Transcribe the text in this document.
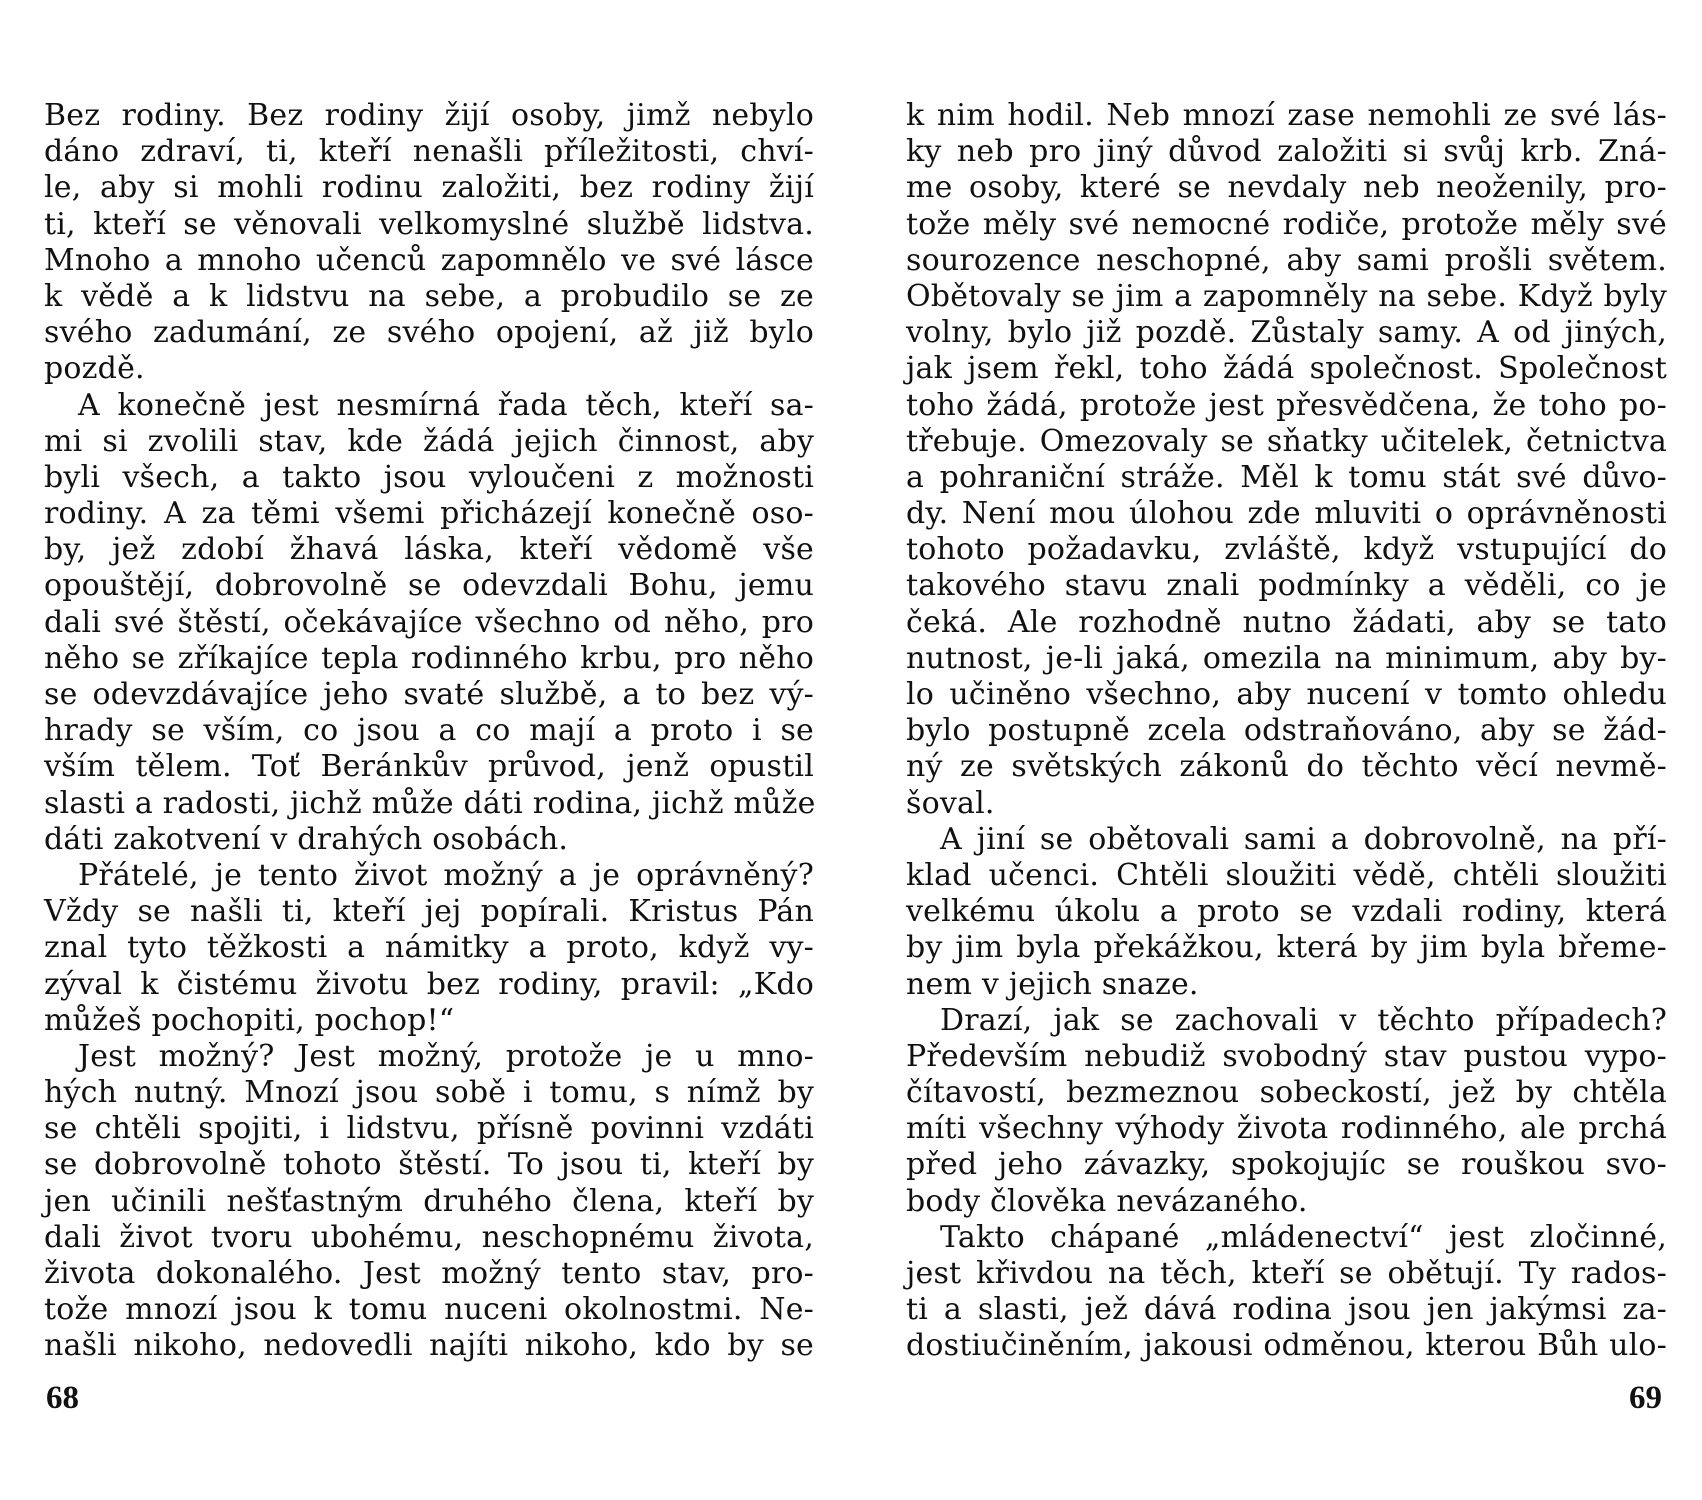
Bez rodiny. Bez rodiny žijí osoby, jimž nebylo
dáno zdraví, ti, kteří nenašli příležitosti, chví-
le, aby si mohli rodinu založiti, bez rodiny žijí
ti, kteří se věnovali velkomyslné službě lidstva.
Mnoho a mnoho učenců zapomnělo ve své lásce
k vědě a k lidstvu na sebe, a probudilo se ze
svého zadumání, ze svého opojení, až již bylo
pozdě.
A konečně jest nesmírná řada těch, kteří sa-
mi si zvolili stav, kde žádá jejich činnost, aby
byli všech, a takto jsou vyloučeni z možnosti
rodiny. A za těmi všemi přicházejí konečně oso-
by, jež zdobí žhavá láska, kteří vědomě vše
opouštějí, dobrovolně se odevzdali Bohu, jemu
dali své štěstí, očekávajíce všechno od něho, pro
něho se zříkajíce tepla rodinného krbu, pro něho
se odevzdávajíce jeho svaté službě, a to bez vý-
hrady se vším, co jsou a co mají a proto i se
vším tělem. Toť Beránkův průvod, jenž opustil
slasti a radosti, jichž může dáti rodina, jichž může
dáti zakotvení v drahých osobách.
Přátelé, je tento život možný a je oprávněný?
Vždy se našli ti, kteří jej popírali. Kristus Pán
znal tyto těžkosti a námitky a proto, když vy-
zýval k čistému životu bez rodiny, pravil: „Kdo
můžeš pochopiti, pochop!“
Jest možný? Jest možný, protože je u mno-
hých nutný. Mnozí jsou sobě i tomu, s nímž by
se chtěli spojiti, i lidstvu, přísně povinni vzdáti
se dobrovolně tohoto štěstí. To jsou ti, kteří by
jen učinili nešťastným druhého člena, kteří by
dali život tvoru ubohému, neschopnému života,
života dokonalého. Jest možný tento stav, pro-
tože mnozí jsou k tomu nuceni okolnostmi. Ne-
našli nikoho, nedovedli najíti nikoho, kdo by se
k nim hodil. Neb mnozí zase nemohli ze své lás-
ky neb pro jiný důvod založiti si svůj krb. Zná-
me osoby, které se nevdaly neb neoženily, pro-
tože měly své nemocné rodiče, protože měly své
sourozence neschopné, aby sami prošli světem.
Obětovaly se jim a zapomněly na sebe. Když byly
volny, bylo již pozdě. Zůstaly samy. A od jiných,
jak jsem řekl, toho žádá společnost. Společnost
toho žádá, protože jest přesvědčena, že toho po-
třebuje. Omezovaly se sňatky učitelek, četnictva
a pohraniční stráže. Měl k tomu stát své důvo-
dy. Není mou úlohou zde mluviti o oprávněnosti
tohoto požadavku, zvláště, když vstupující do
takového stavu znali podmínky a věděli, co je
čeká. Ale rozhodně nutno žádati, aby se tato
nutnost, je-li jaká, omezila na minimum, aby by-
lo učiněno všechno, aby nucení v tomto ohledu
bylo postupně zcela odstraňováno, aby se žád-
ný ze světských zákonů do těchto věcí nevmě-
šoval.
A jiní se obětovali sami a dobrovolně, na pří-
klad učenci. Chtěli sloužiti vědě, chtěli sloužiti
velkému úkolu a proto se vzdali rodiny, která
by jim byla překážkou, která by jim byla břeme-
nem v jejich snaze.
Drazí, jak se zachovali v těchto případech?
Především nebudiž svobodný stav pustou vypo-
čítavostí, bezmeznou sobeckostí, jež by chtěla
míti všechny výhody života rodinného, ale prchá
před jeho závazky, spokojujíc se rouškou svo-
body člověka nevázaného.
Takto chápané „mládenectví“ jest zločinné,
jest křivdou na těch, kteří se obětují. Ty rados-
ti a slasti, jež dává rodina jsou jen jakýmsi za-
dostiučiněním, jakousi odměnou, kterou Bůh ulo-
68	69
